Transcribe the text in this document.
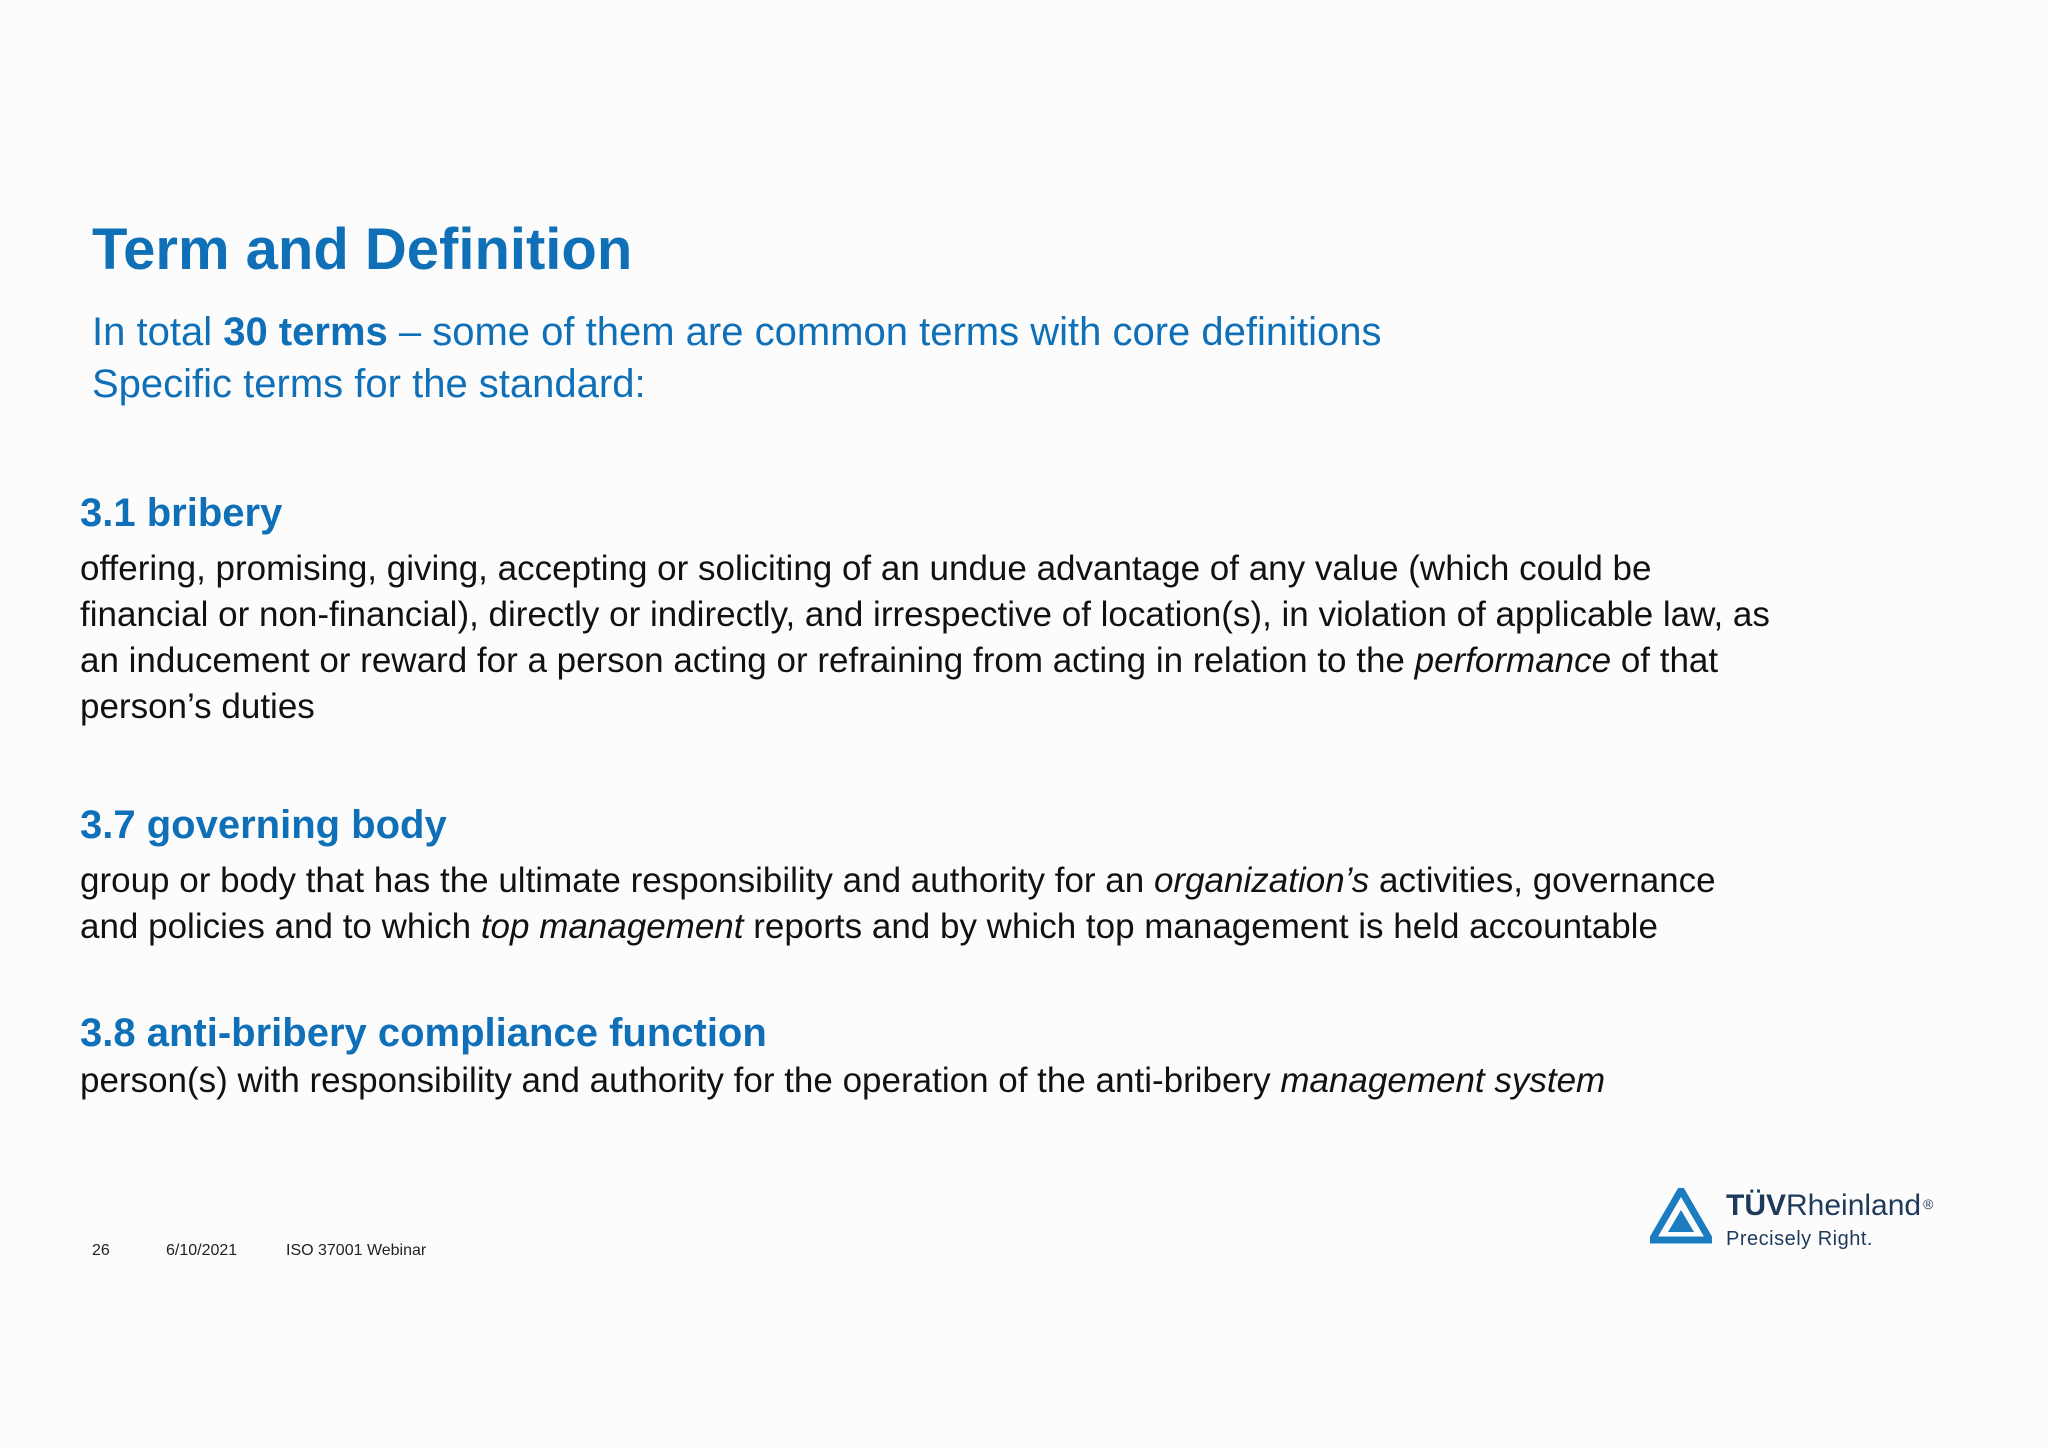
Term and Definition
In total 30 terms – some of them are common terms with core definitions
Specific terms for the standard:
3.1 bribery
offering, promising, giving, accepting or soliciting of an undue advantage of any value (which could be
financial or non-financial), directly or indirectly, and irrespective of location(s), in violation of applicable law, as
an inducement or reward for a person acting or refraining from acting in relation to the performance of that
person’s duties
3.7 governing body
group or body that has the ultimate responsibility and authority for an organization’s activities, governance
and policies and to which top management reports and by which top management is held accountable
3.8 anti-bribery compliance function
person(s) with responsibility and authority for the operation of the anti-bribery management system
26	6/10/2021	ISO 37001 Webinar
TÜVRheinland ®
Precisely Right.
